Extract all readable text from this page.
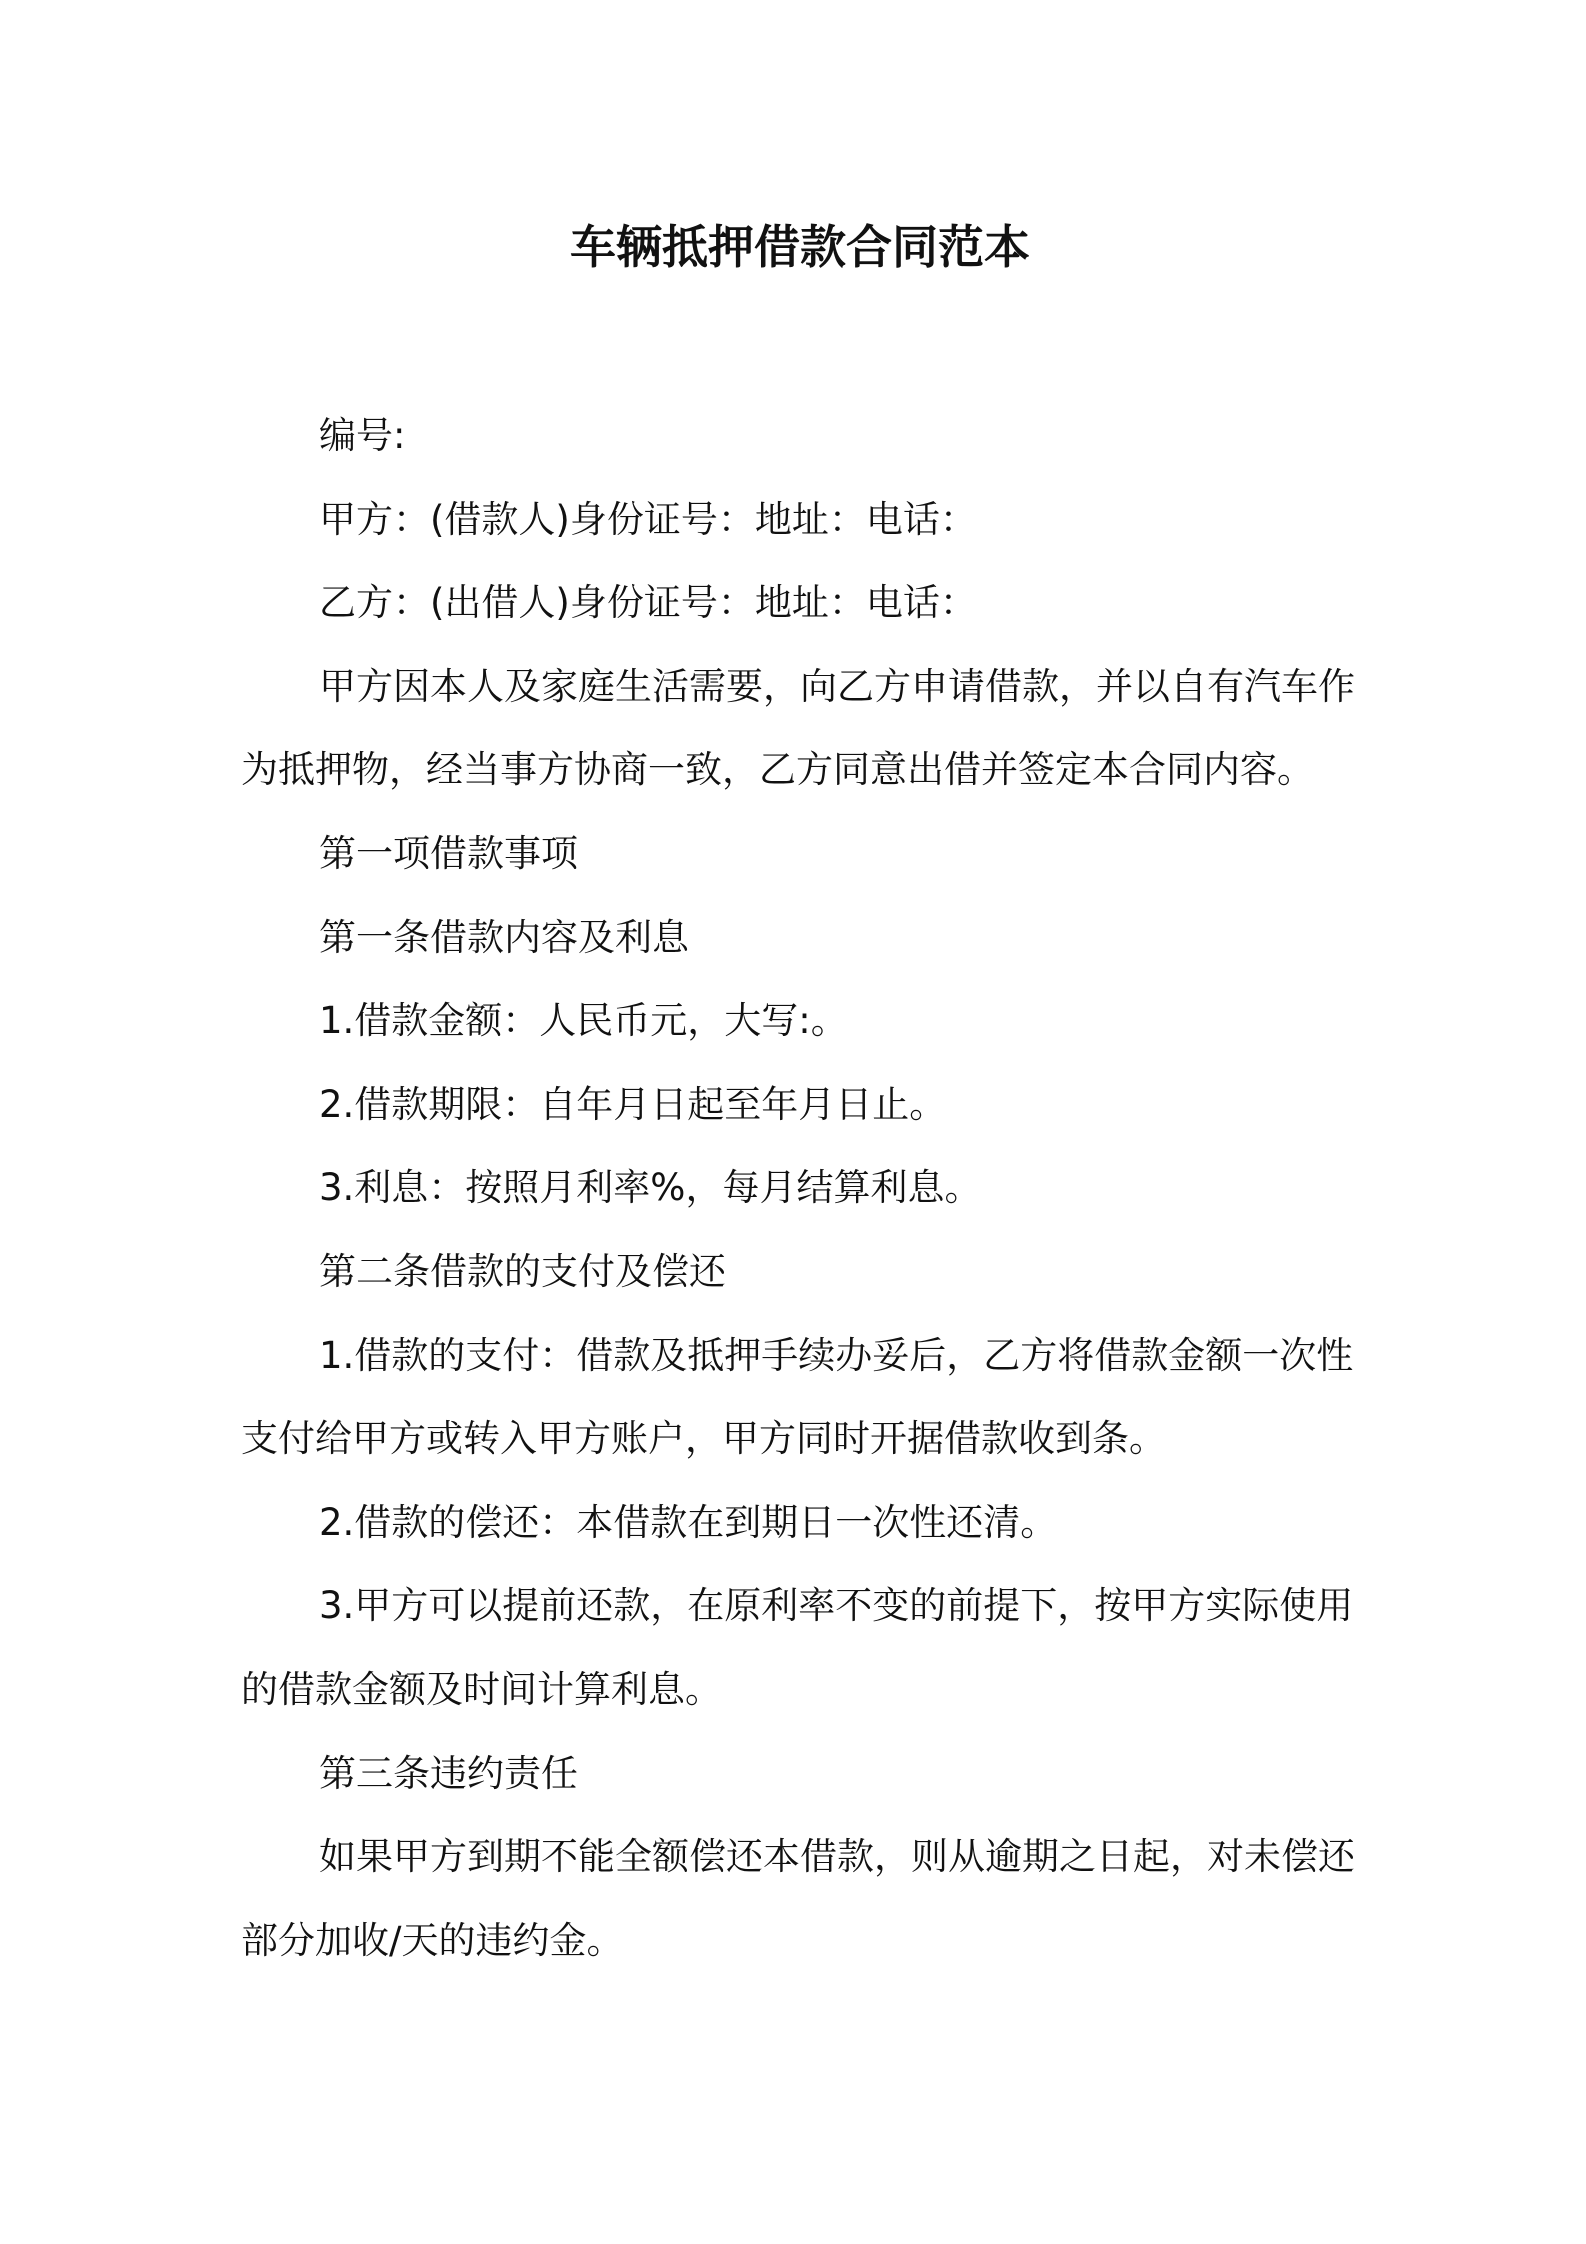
车辆抵押借款合同范本

编号:

甲方：(借款人)身份证号：地址：电话：

乙方：(出借人)身份证号：地址：电话：

甲方因本人及家庭生活需要，向乙方申请借款，并以自有汽车作
为抵押物，经当事方协商一致，乙方同意出借并签定本合同内容。

第一项借款事项

第一条借款内容及利息

1.借款金额：人民币元，大写:。

2.借款期限：自年月日起至年月日止。

3.利息：按照月利率%，每月结算利息。

第二条借款的支付及偿还

1.借款的支付：借款及抵押手续办妥后，乙方将借款金额一次性
支付给甲方或转入甲方账户，甲方同时开据借款收到条。

2.借款的偿还：本借款在到期日一次性还清。

3.甲方可以提前还款，在原利率不变的前提下，按甲方实际使用
的借款金额及时间计算利息。

第三条违约责任

如果甲方到期不能全额偿还本借款，则从逾期之日起，对未偿还
部分加收/天的违约金。
